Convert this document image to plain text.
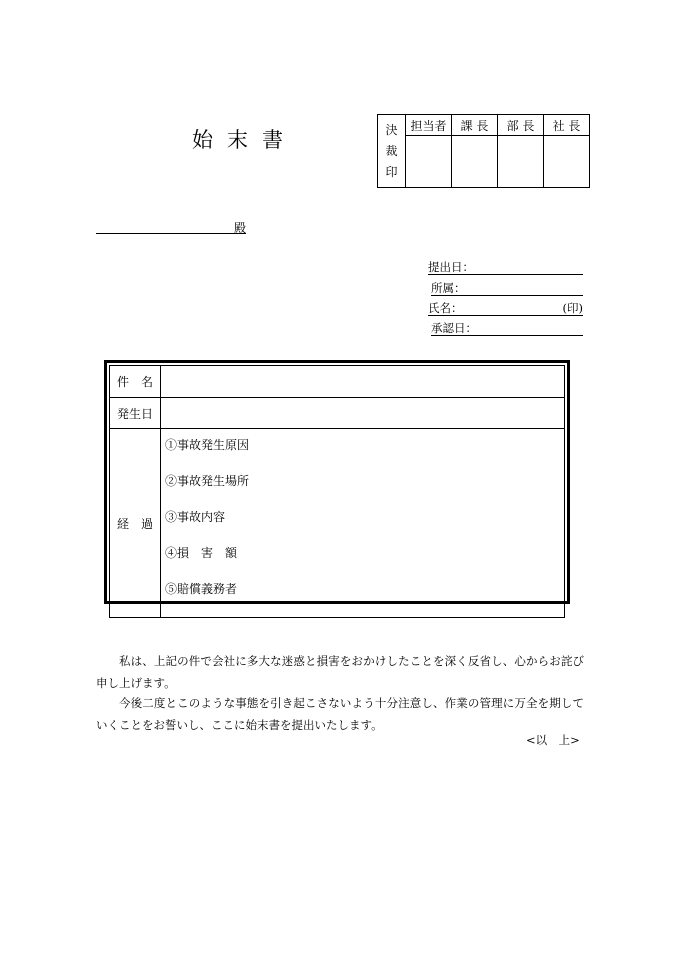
始末書	決
裁
印	担当者	課 長	部 長	社 長

殿
提出日：
所属：
氏名：	(印)
承認日：
件　名	
発生日	
経　過	①事故発生原因
②事故発生場所
③事故内容
④損　害　額
⑤賠償義務者
私は、上記の件で会社に多大な迷惑と損害をおかけしたことを深く反省し、心からお詫び申し上げます。
今後二度とこのような事態を引き起こさないよう十分注意し、作業の管理に万全を期していくことをお誓いし、ここに始末書を提出いたします。
<以　上>
